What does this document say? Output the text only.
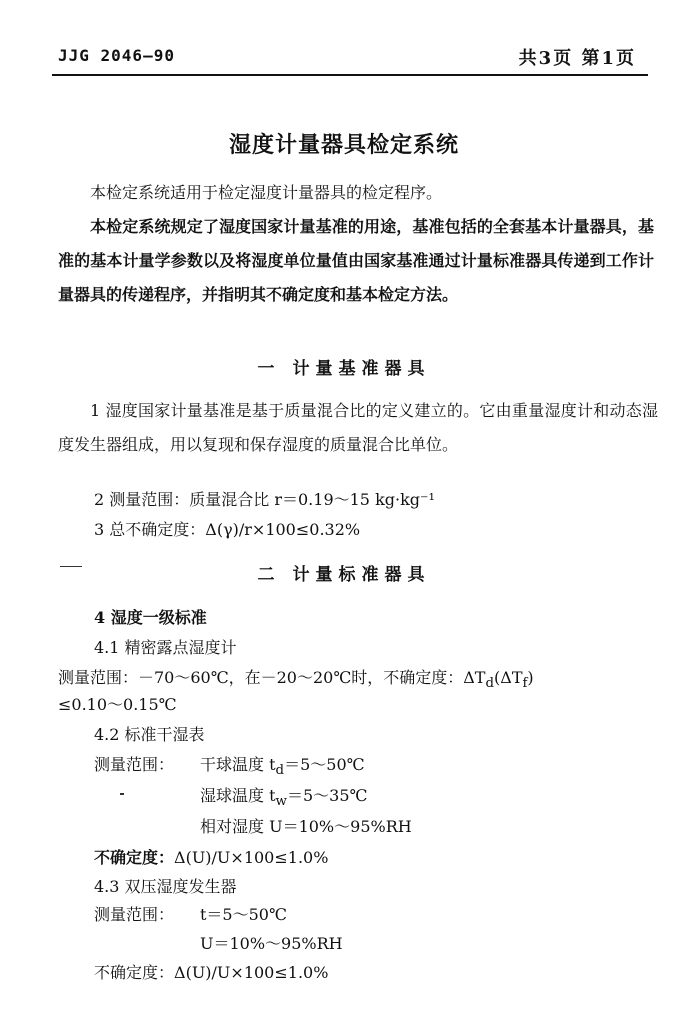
JJG 2046—90	共3页 第1页
湿度计量器具检定系统
本检定系统适用于检定湿度计量器具的检定程序。
本检定系统规定了湿度国家计量基准的用途，基准包括的全套基本计量器具，基准的基本计量学参数以及将湿度单位量值由国家基准通过计量标准器具传递到工作计量器具的传递程序，并指明其不确定度和基本检定方法。
一 计量基准器具
1 湿度国家计量基准是基于质量混合比的定义建立的。它由重量湿度计和动态湿度发生器组成，用以复现和保存湿度的质量混合比单位。
2 测量范围：质量混合比 r＝0.19～15 kg·kg⁻¹
3 总不确定度：Δ(γ)/r×100≤0.32%
二 计量标准器具
4 湿度一级标准
4.1 精密露点湿度计
测量范围：－70～60℃，在－20～20℃时，不确定度：$\Delta T_d(\Delta T_f)$
≤0.10～0.15℃
4.2 标准干湿表
测量范围： 干球温度 $t_d=5\sim 50℃$
湿球温度 $t_w=5\sim 35℃$
相对湿度 U＝10%～95%RH
不确定度：Δ(U)/U×100≤1.0%
4.3 双压湿度发生器
测量范围： t＝5～50℃
U＝10%～95%RH
不确定度：Δ(U)/U×100≤1.0%
